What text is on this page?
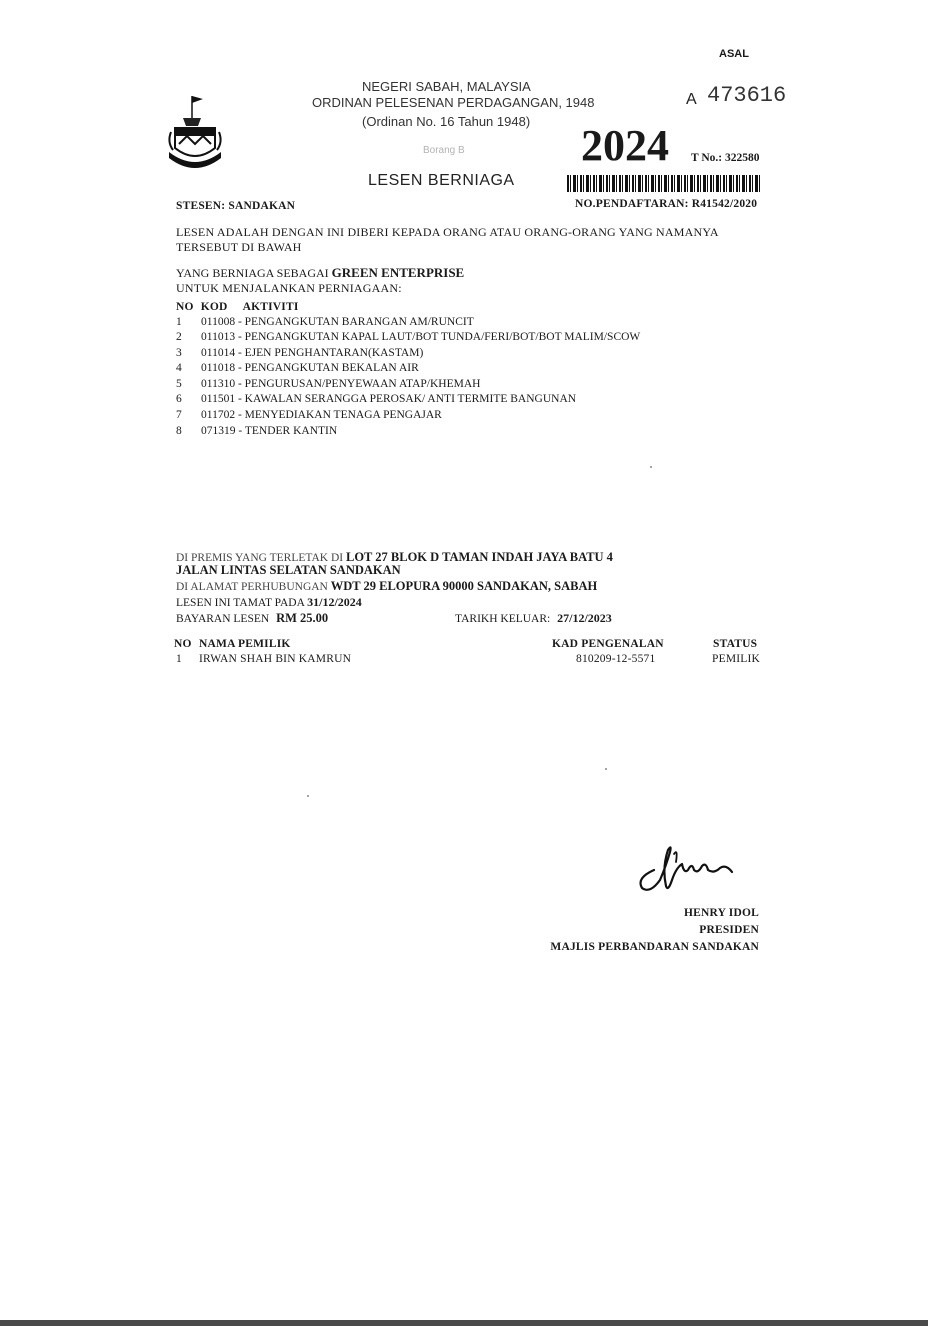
ASAL
NEGERI SABAH, MALAYSIA
ORDINAN PELESENAN PERDAGANGAN, 1948
(Ordinan No. 16 Tahun 1948)
Borang B
LESEN BERNIAGA
A 473616
2024 T No.: 322580
STESEN: SANDAKAN	NO.PENDAFTARAN: R41542/2020
LESEN ADALAH DENGAN INI DIBERI KEPADA ORANG ATAU ORANG-ORANG YANG NAMANYA
TERSEBUT DI BAWAH
YANG BERNIAGA SEBAGAI GREEN ENTERPRISE
UNTUK MENJALANKAN PERNIAGAAN:
NO KOD AKTIVITI
1 011008 - PENGANGKUTAN BARANGAN AM/RUNCIT
2 011013 - PENGANGKUTAN KAPAL LAUT/BOT TUNDA/FERI/BOT/BOT MALIM/SCOW
3 011014 - EJEN PENGHANTARAN(KASTAM)
4 011018 - PENGANGKUTAN BEKALAN AIR
5 011310 - PENGURUSAN/PENYEWAAN ATAP/KHEMAH
6 011501 - KAWALAN SERANGGA PEROSAK/ ANTI TERMITE BANGUNAN
7 011702 - MENYEDIAKAN TENAGA PENGAJAR
8 071319 - TENDER KANTIN
DI PREMIS YANG TERLETAK DI LOT 27 BLOK D TAMAN INDAH JAYA BATU 4
JALAN LINTAS SELATAN SANDAKAN
DI ALAMAT PERHUBUNGAN WDT 29 ELOPURA 90000 SANDAKAN, SABAH
LESEN INI TAMAT PADA 31/12/2024
BAYARAN LESEN RM 25.00	TARIKH KELUAR: 27/12/2023
NO NAMA PEMILIK	KAD PENGENALAN	STATUS
1 IRWAN SHAH BIN KAMRUN	810209-12-5571	PEMILIK
HENRY IDOL
PRESIDEN
MAJLIS PERBANDARAN SANDAKAN
